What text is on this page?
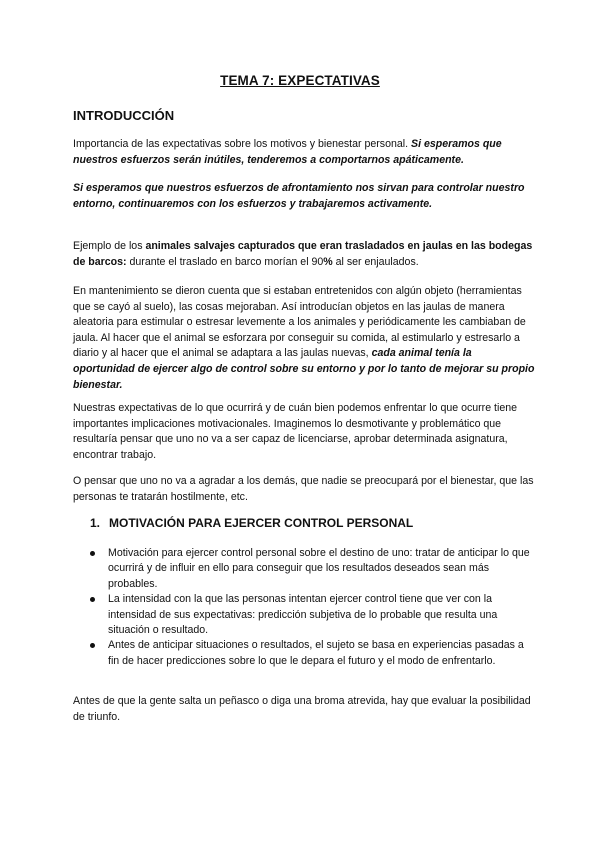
TEMA 7: EXPECTATIVAS
INTRODUCCIÓN

Importancia de las expectativas sobre los motivos y bienestar personal. Si esperamos que nuestros esfuerzos serán inútiles, tenderemos a comportarnos apáticamente.

Si esperamos que nuestros esfuerzos de afrontamiento nos sirvan para controlar nuestro entorno, continuaremos con los esfuerzos y trabajaremos activamente.

Ejemplo de los animales salvajes capturados que eran trasladados en jaulas en las bodegas de barcos: durante el traslado en barco morían el 90% al ser enjaulados.

En mantenimiento se dieron cuenta que si estaban entretenidos con algún objeto (herramientas que se cayó al suelo), las cosas mejoraban. Así introducían objetos en las jaulas de manera aleatoria para estimular o estresar levemente a los animales y periódicamente les cambiaban de jaula. Al hacer que el animal se esforzara por conseguir su comida, al estimularlo y estresarlo a diario y al hacer que el animal se adaptara a las jaulas nuevas, cada animal tenía la oportunidad de ejercer algo de control sobre su entorno y por lo tanto de mejorar su propio bienestar.

Nuestras expectativas de lo que ocurrirá y de cuán bien podemos enfrentar lo que ocurre tiene importantes implicaciones motivacionales. Imaginemos lo desmotivante y problemático que resultaría pensar que uno no va a ser capaz de licenciarse, aprobar determinada asignatura, encontrar trabajo.

O pensar que uno no va a agradar a los demás, que nadie se preocupará por el bienestar, que las personas te tratarán hostilmente, etc.

1. MOTIVACIÓN PARA EJERCER CONTROL PERSONAL
Motivación para ejercer control personal sobre el destino de uno: tratar de anticipar lo que ocurrirá y de influir en ello para conseguir que los resultados deseados sean más probables.
La intensidad con la que las personas intentan ejercer control tiene que ver con la intensidad de sus expectativas: predicción subjetiva de lo probable que resulta una situación o resultado.
Antes de anticipar situaciones o resultados, el sujeto se basa en experiencias pasadas a fin de hacer predicciones sobre lo que le depara el futuro y el modo de enfrentarlo.

Antes de que la gente salta un peñasco o diga una broma atrevida, hay que evaluar la posibilidad de triunfo.
